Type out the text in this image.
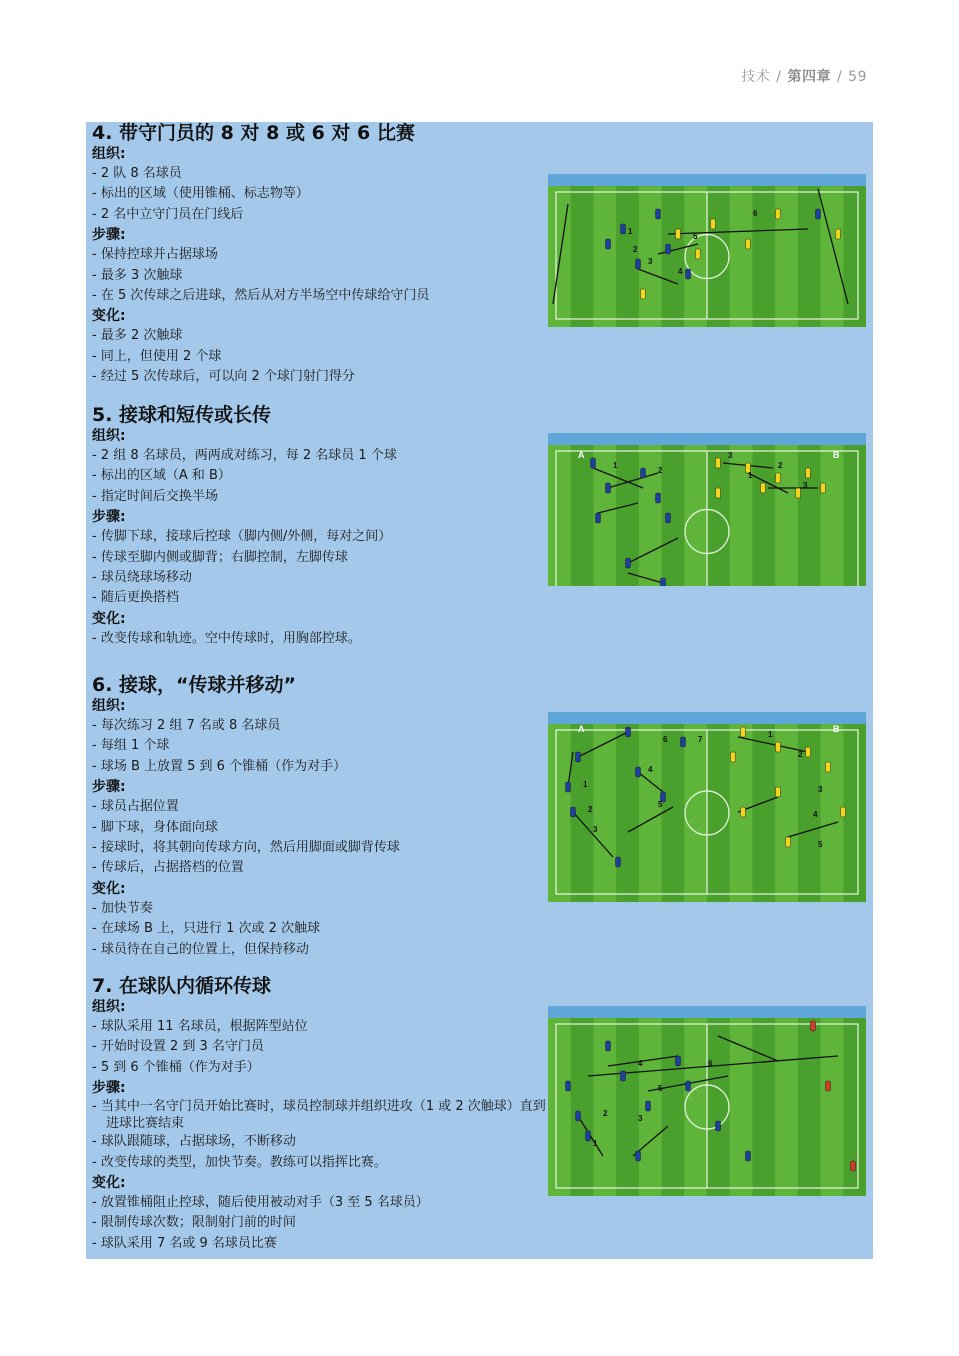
技术 / 第四章 / 59
4. 带守门员的 8 对 8 或 6 对 6 比赛
组织:
- 2 队 8 名球员
- 标出的区域（使用锥桶、标志物等）
- 2 名中立守门员在门线后
步骤:
- 保持控球并占据球场
- 最多 3 次触球
- 在 5 次传球之后进球，然后从对方半场空中传球给守门员
变化:
- 最多 2 次触球
- 同上，但使用 2 个球
- 经过 5 次传球后，可以向 2 个球门射门得分
5. 接球和短传或长传
组织:
- 2 组 8 名球员，两两成对练习，每 2 名球员 1 个球
- 标出的区域（A 和 B）
- 指定时间后交换半场
步骤:
- 传脚下球，接球后控球（脚内侧/外侧，每对之间）
- 传球至脚内侧或脚背；右脚控制，左脚传球
- 球员绕球场移动
- 随后更换搭档
变化:
- 改变传球和轨迹。空中传球时，用胸部控球。
6. 接球，“传球并移动”
组织:
- 每次练习 2 组 7 名或 8 名球员
- 每组 1 个球
- 球场 B 上放置 5 到 6 个锥桶（作为对手）
步骤:
- 球员占据位置
- 脚下球，身体面向球
- 接球时，将其朝向传球方向，然后用脚面或脚背传球
- 传球后，占据搭档的位置
变化:
- 加快节奏
- 在球场 B 上，只进行 1 次或 2 次触球
- 球员待在自己的位置上，但保持移动
7. 在球队内循环传球
组织:
- 球队采用 11 名球员，根据阵型站位
- 开始时设置 2 到 3 名守门员
- 5 到 6 个锥桶（作为对手）
步骤:
- 当其中一名守门员开始比赛时，球员控制球并组织进攻（1 或 2 次触球）直到进球比赛结束
- 球队跟随球，占据球场，不断移动
- 改变传球的类型，加快节奏。教练可以指挥比赛。
变化:
- 放置锥桶阻止控球，随后使用被动对手（3 至 5 名球员）
- 限制传球次数；限制射门前的时间
- 球队采用 7 名或 9 名球员比赛
1
2
3
4
5
6
A	B
1
2
3
1
2
3
A	B
1
2
3
4
5
6	7
1
2
3
4
5
1
2
3
4
5
6
